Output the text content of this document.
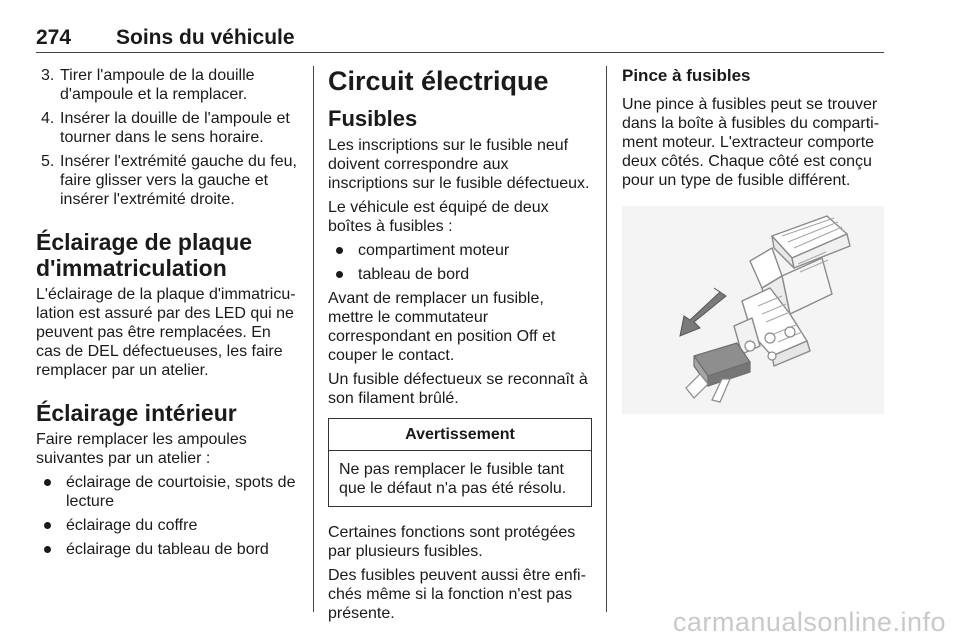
274 Soins du véhicule
3. Tirer l'ampoule de la douille d'ampoule et la remplacer.
4. Insérer la douille de l'ampoule et tourner dans le sens horaire.
5. Insérer l'extrémité gauche du feu, faire glisser vers la gauche et insérer l'extrémité droite.
Éclairage de plaque d'immatriculation

L'éclairage de la plaque d'immatriculation est assuré par des LED qui ne peuvent pas être remplacées. En cas de DEL défectueuses, les faire remplacer par un atelier.

Éclairage intérieur

Faire remplacer les ampoules suivantes par un atelier :

éclairage de courtoisie, spots de lecture
éclairage du coffre
éclairage du tableau de bord
Circuit électrique
Fusibles

Les inscriptions sur le fusible neuf doivent correspondre aux inscriptions sur le fusible défectueux.

Le véhicule est équipé de deux boîtes à fusibles :

compartiment moteur
tableau de bord

Avant de remplacer un fusible, mettre le commutateur correspondant en position Off et couper le contact.

Un fusible défectueux se reconnaît à son filament brûlé.

Avertissement
Ne pas remplacer le fusible tant que le défaut n'a pas été résolu.

Certaines fonctions sont protégées par plusieurs fusibles.

Des fusibles peuvent aussi être enfichés même si la fonction n'est pas présente.

Pince à fusibles

Une pince à fusibles peut se trouver dans la boîte à fusibles du compartiment moteur. L'extracteur comporte deux côtés. Chaque côté est conçu pour un type de fusible différent.

carmanualsonline.info
